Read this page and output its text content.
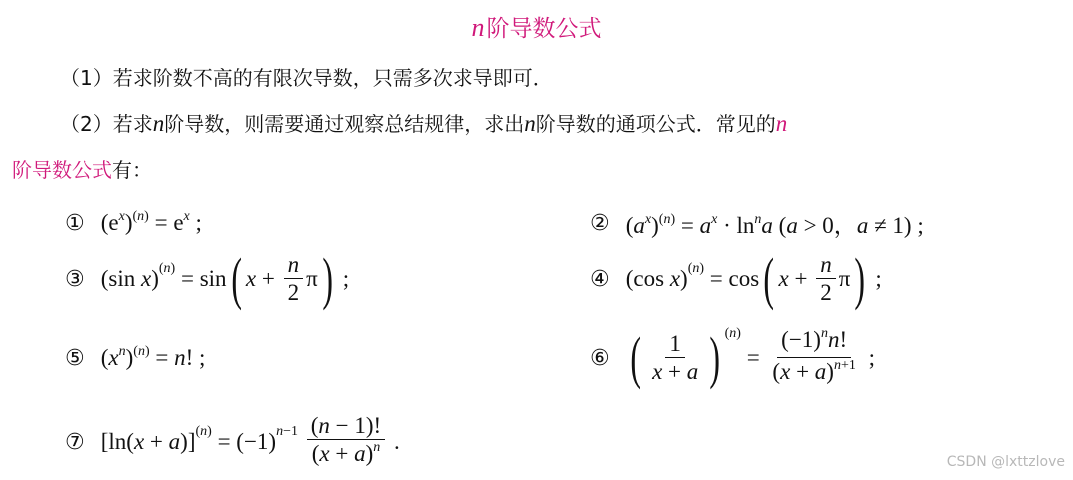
n阶导数公式
（1）若求阶数不高的有限次导数，只需多次求导即可．
（2）若求n阶导数，则需要通过观察总结规律，求出n阶导数的通项公式．常见的n
阶导数公式有：
① $(e^x)^{(n)} = e^x$ ;	② $(a^x)^{(n)} = a^x \cdot \ln^na$ (a > 0，a ≠ 1) ;
③ (sin x ) (n) = sin ( $x + \frac{n}{2}$ π ) ;	④ (cos x ) (n) = cos ( $x + \frac{n}{2}$ π ) ;
⑤ $(x^n)^{(n)} = n$! ;	⑥ ( $\frac{1}{x + a}$ ) (n)
= $\frac{(-1)^nn!}{(x + a)^{n+1}}$ ;
⑦ [ln( x + a )] (n) = (−1) n−1
$\frac{(n - 1)!}{(x + a)^n}$ .
CSDN @lxttzlove
